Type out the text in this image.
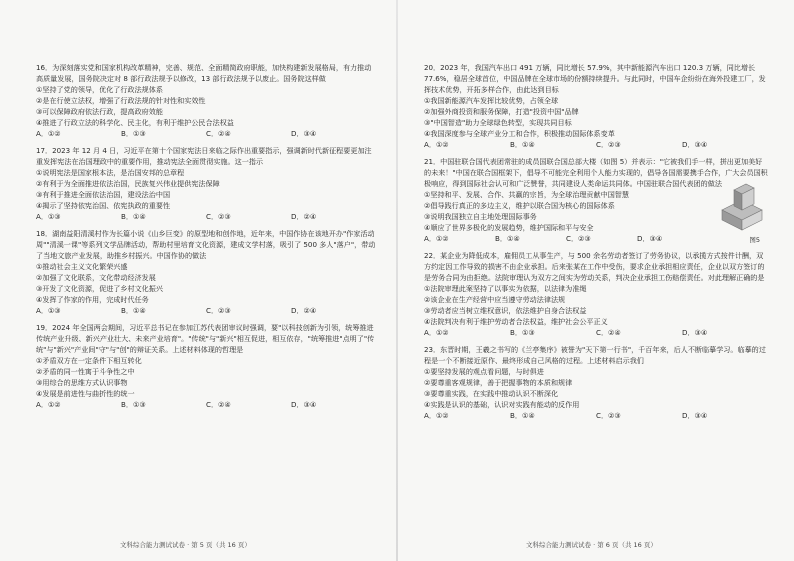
16．为深刻落实党和国家机构改革精神，完善、规范、全面精简政府职能，加快构建新发展格局，有力推动高质量发展，国务院决定对 8 部行政法规予以修改，13 部行政法规予以废止。国务院这样做

①坚持了党的领导，优化了行政法规体系

②是在行使立法权，增强了行政法规的针对性和实效性

③可以保障政府依法行政，提高政府效能

④推进了行政立法的科学化、民主化，有利于维护公民合法权益

A．①②	B．①③	C．②④	D．③④

17．2023 年 12 月 4 日，习近平在第十个国家宪法日来临之际作出重要指示，强调新时代新征程要更加注重发挥宪法在治国理政中的重要作用，推动宪法全面贯彻实施。这一指示

①说明宪法是国家根本法，是治国安邦的总章程

②有利于为全面推进依法治国，民族复兴伟业提供宪法保障

③有利于推进全面依法治国，建设法治中国

④揭示了坚持依宪治国、依宪执政的重要性

A．①③	B．①④	C．②③	D．②④

18．湖南益阳清溪村作为长篇小说《山乡巨变》的原型地和创作地，近年来，中国作协在该地开办"作家活动周""清溪一课"等系列文学品牌活动，帮助村里培育文化资源，建成文学村落，吸引了 500 多人"落户"，带动了当地文旅产业发展，助推乡村振兴。中国作协的做法

①推动社会主义文化繁荣兴盛

②加强了文化联系，文化带动经济发展

③开发了文化资源，促进了乡村文化振兴

④发挥了作家的作用，完成时代任务

A．①③	B．①④	C．②③	D．②④

19．2024 年全国两会期间，习近平总书记在参加江苏代表团审议时强调，要"以科技创新为引领，统筹推进传统产业升级、新兴产业壮大、未来产业培育"。"传统"与"新兴"相互促进，相互依存，"统筹推进"点明了"传统"与"新兴"产业间"守"与"创"的辩证关系。上述材料体现的哲理是

①矛盾双方在一定条件下相互转化

②矛盾的同一性寓于斗争性之中

③用综合的思维方式认识事物

④发展是前进性与曲折性的统一

A．①②	B．①③	C．②④	D．③④
文科综合能力测试试卷 · 第 5 页（共 16 页）

20．2023 年，我国汽车出口 491 万辆，同比增长 57.9%，其中新能源汽车出口 120.3 万辆，同比增长 77.6%，稳居全球首位，中国品牌在全球市场的份额持续提升。与此同时，中国车企纷纷在海外投建工厂，发挥技术优势，开拓多样合作，由此达到目标

①我国新能源汽车发挥比较优势，占领全球

②加强外商投资和服务保障，打造"投资中国"品牌

③"中国智造"助力全球绿色转型，实现共同目标

④我国深度参与全球产业分工和合作，积极推动国际体系变革

A．①②	B．①④	C．②③	D．③④

21．中国驻联合国代表团常驻的成员国联合国总部大楼（如图 5）并表示："它被我们手一样，拼出更加美好的未来！"中国在联合国框架下，倡导不可能完全利用个人能力实现的，倡导各国需要携手合作，广大会员国积极响应，得到国际社会认可和广泛赞誉，共同建设人类命运共同体。中国驻联合国代表团的做法

①坚持和平、发展、合作、共赢的宗旨，为全球治理贡献中国智慧

②倡导践行真正的多边主义，维护以联合国为核心的国际体系

③说明我国独立自主地处理国际事务

④顺应了世界多极化的发展趋势，维护国际和平与安全

A．①②	B．①④	C．②③	D．③④	图5

22．某企业为降低成本，雇佣员工从事生产，与 500 余名劳动者签订了劳务协议，以承揽方式按件计酬，双方约定因工作导致的损害不由企业承担。后来张某在工作中受伤，要求企业承担相应责任，企业以双方签订的是劳务合同为由拒绝。法院审理认为双方之间实为劳动关系，判决企业承担工伤赔偿责任。对此理解正确的是

①法院审理此案坚持了以事实为依据，以法律为准绳

②该企业在生产经营中应当遵守劳动法律法规

③劳动者应当树立维权意识，依法维护自身合法权益

④法院判决有利于维护劳动者合法权益，维护社会公平正义

A．①②	B．①③	C．②④	D．③④

23．东晋时期，王羲之书写的《兰亭集序》被誉为"天下第一行书"，千百年来，后人不断临摹学习。临摹的过程是一个不断接近原作、最终形成自己风格的过程。上述材料启示我们

①要坚持发展的观点看问题，与时俱进

②要尊重客观规律，善于把握事物的本质和规律

③要尊重实践，在实践中推动认识不断深化

④实践是认识的基础，认识对实践有能动的反作用

A．①②	B．①④	C．②③	D．③④
文科综合能力测试试卷 · 第 6 页（共 16 页）
